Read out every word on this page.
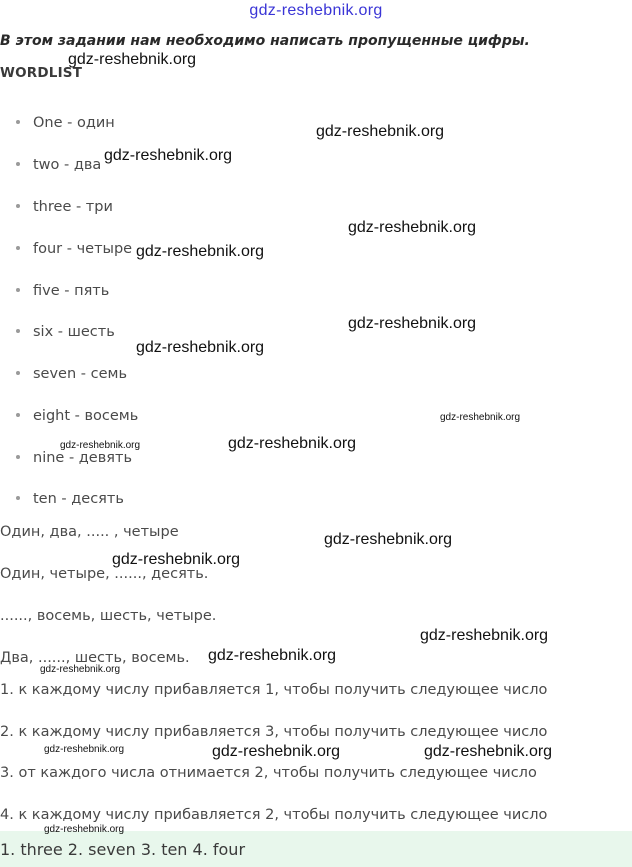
gdz-reshebnik.org
В этом задании нам необходимо написать пропущенные цифры.
WORDLIST
One - один
two - два
three - три
four - четыре
five - пять
six - шесть
seven - семь
eight - восемь
nine - девять
ten - десять
Один, два, ..... , четыре
Один, четыре, ......, десять.
......, восемь, шесть, четыре.
Два, ......, шесть, восемь.
1. к каждому числу прибавляется 1, чтобы получить следующее число
2. к каждому числу прибавляется 3, чтобы получить следующее число
3. от каждого числа отнимается 2, чтобы получить следующее число
4. к каждому числу прибавляется 2, чтобы получить следующее число
1. three 2. seven 3. ten 4. four
gdz-reshebnik.org
gdz-reshebnik.org
gdz-reshebnik.org
gdz-reshebnik.org
gdz-reshebnik.org
gdz-reshebnik.org
gdz-reshebnik.org
gdz-reshebnik.org
gdz-reshebnik.org	gdz-reshebnik.org
gdz-reshebnik.org
gdz-reshebnik.org
gdz-reshebnik.org
gdz-reshebnik.org
gdz-reshebnik.org
gdz-reshebnik.org	gdz-reshebnik.org	gdz-reshebnik.org
gdz-reshebnik.org
